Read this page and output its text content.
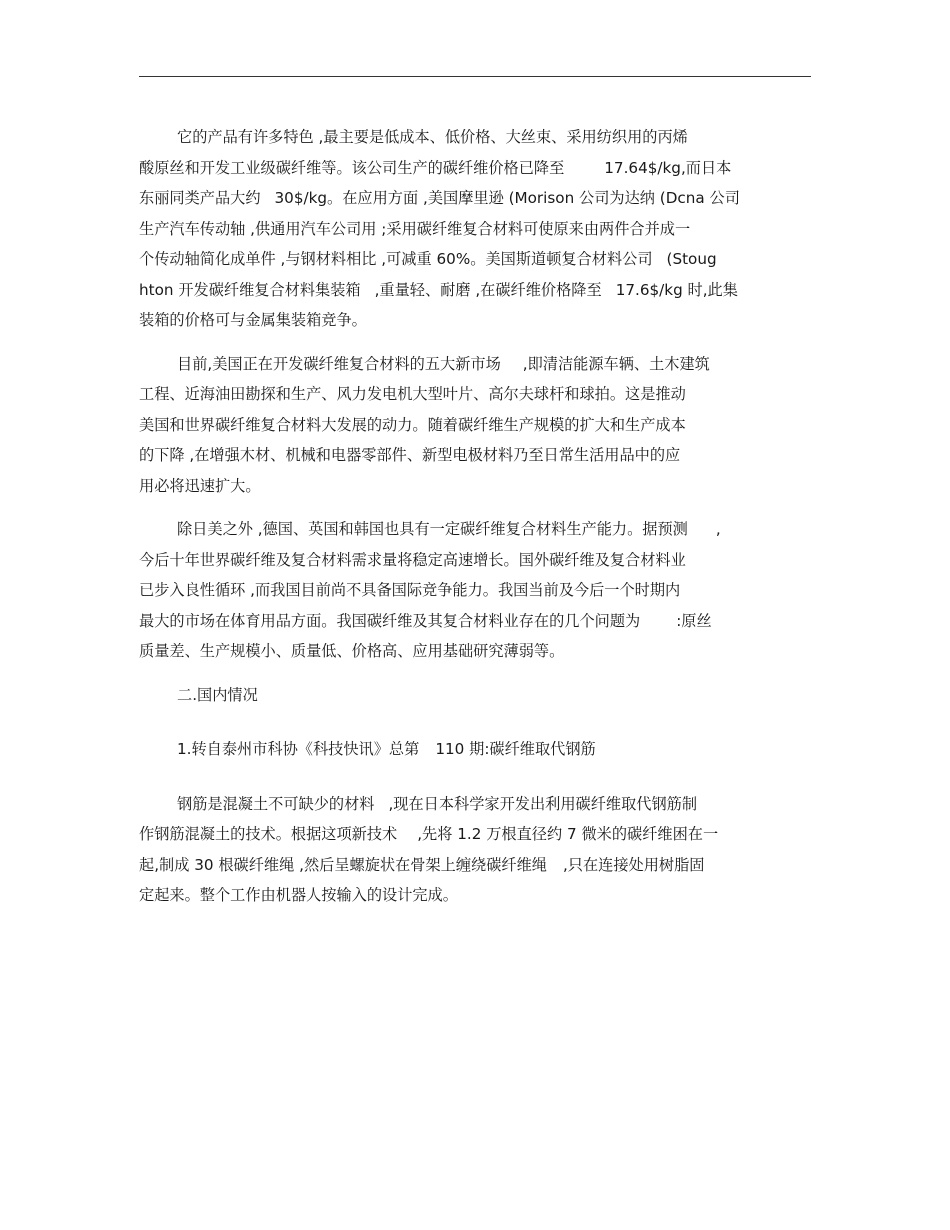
它的产品有许多特色 ,最主要是低成本、低价格、大丝束、采用纺织用的丙烯
酸原丝和开发工业级碳纤维等。该公司生产的碳纤维价格已降至	17.64$/kg,而日本
东丽同类产品大约 30$/kg。在应用方面 ,美国摩里逊 (Morison 公司为达纳 (Dcna 公司
生产汽车传动轴 ,供通用汽车公司用 ;采用碳纤维复合材料可使原来由两件合并成一
个传动轴简化成单件 ,与钢材料相比 ,可减重 60%。美国斯道顿复合材料公司 (Stoug
hton 开发碳纤维复合材料集装箱 ,重量轻、耐磨 ,在碳纤维价格降至 17.6$/kg 时,此集
装箱的价格可与金属集装箱竞争。
目前,美国正在开发碳纤维复合材料的五大新市场 ,即清洁能源车辆、土木建筑
工程、近海油田勘探和生产、风力发电机大型叶片、高尔夫球杆和球拍。这是推动
美国和世界碳纤维复合材料大发展的动力。随着碳纤维生产规模的扩大和生产成本
的下降 ,在增强木材、机械和电器零部件、新型电极材料乃至日常生活用品中的应
用必将迅速扩大。
除日美之外 ,德国、英国和韩国也具有一定碳纤维复合材料生产能力。据预测 ,
今后十年世界碳纤维及复合材料需求量将稳定高速增长。国外碳纤维及复合材料业
已步入良性循环 ,而我国目前尚不具备国际竞争能力。我国当前及今后一个时期内
最大的市场在体育用品方面。我国碳纤维及其复合材料业存在的几个问题为 :原丝
质量差、生产规模小、质量低、价格高、应用基础研究薄弱等。
二.国内情况
1.转自泰州市科协《科技快讯》总第 110 期:碳纤维取代钢筋
钢筋是混凝土不可缺少的材料 ,现在日本科学家开发出利用碳纤维取代钢筋制
作钢筋混凝土的技术。根据这项新技术 ,先将 1.2 万根直径约 7 微米的碳纤维困在一
起,制成 30 根碳纤维绳 ,然后呈螺旋状在骨架上缠绕碳纤维绳 ,只在连接处用树脂固
定起来。整个工作由机器人按输入的设计完成。
